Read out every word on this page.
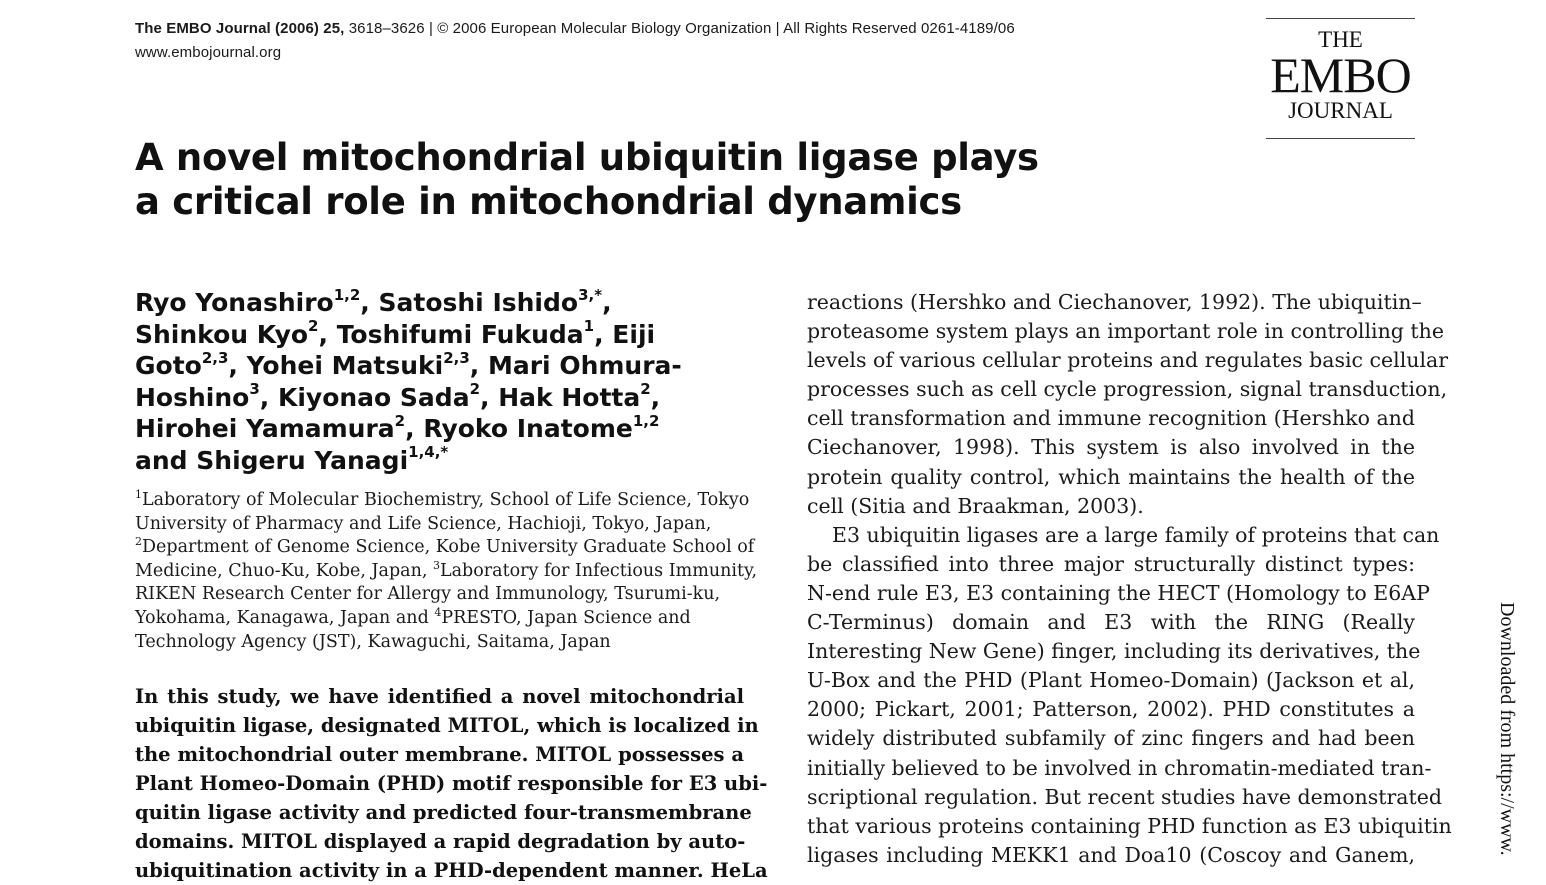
The EMBO Journal (2006) 25, 3618–3626 | © 2006 European Molecular Biology Organization | All Rights Reserved 0261-4189/06
www.embojournal.org
THE
EMBO
JOURNAL
A novel mitochondrial ubiquitin ligase plays
a critical role in mitochondrial dynamics
Ryo Yonashiro$^{1,2}$, Satoshi Ishido$^{3,*}$,
Shinkou Kyo$^2$, Toshifumi Fukuda$^1$, Eiji
Goto$^{2,3}$, Yohei Matsuki$^{2,3}$, Mari Ohmura-
Hoshino$^3$, Kiyonao Sada$^2$, Hak Hotta$^2$,
Hirohei Yamamura$^2$, Ryoko Inatome$^{1,2}$
and Shigeru Yanagi$^{1,4,*}$
$^1$Laboratory of Molecular Biochemistry, School of Life Science, Tokyo
University of Pharmacy and Life Science, Hachioji, Tokyo, Japan,
$^2$Department of Genome Science, Kobe University Graduate School of
Medicine, Chuo-Ku, Kobe, Japan, $^3$Laboratory for Infectious Immunity,
RIKEN Research Center for Allergy and Immunology, Tsurumi-ku,
Yokohama, Kanagawa, Japan and $^4$PRESTO, Japan Science and
Technology Agency (JST), Kawaguchi, Saitama, Japan
In this study, we have identified a novel mitochondrial
ubiquitin ligase, designated MITOL, which is localized in
the mitochondrial outer membrane. MITOL possesses a
Plant Homeo-Domain (PHD) motif responsible for E3 ubi-
quitin ligase activity and predicted four-transmembrane
domains. MITOL displayed a rapid degradation by auto-
ubiquitination activity in a PHD-dependent manner. HeLa
reactions (Hershko and Ciechanover, 1992). The ubiquitin–
proteasome system plays an important role in controlling the
levels of various cellular proteins and regulates basic cellular
processes such as cell cycle progression, signal transduction,
cell transformation and immune recognition (Hershko and
Ciechanover, 1998). This system is also involved in the
protein quality control, which maintains the health of the
cell (Sitia and Braakman, 2003).
E3 ubiquitin ligases are a large family of proteins that can
be classified into three major structurally distinct types:
N-end rule E3, E3 containing the HECT (Homology to E6AP
C-Terminus) domain and E3 with the RING (Really
Interesting New Gene) finger, including its derivatives, the
U-Box and the PHD (Plant Homeo-Domain) (Jackson et al,
2000; Pickart, 2001; Patterson, 2002). PHD constitutes a
widely distributed subfamily of zinc fingers and had been
initially believed to be involved in chromatin-mediated tran-
scriptional regulation. But recent studies have demonstrated
that various proteins containing PHD function as E3 ubiquitin
ligases including MEKK1 and Doa10 (Coscoy and Ganem,	Downloaded from https://www.
